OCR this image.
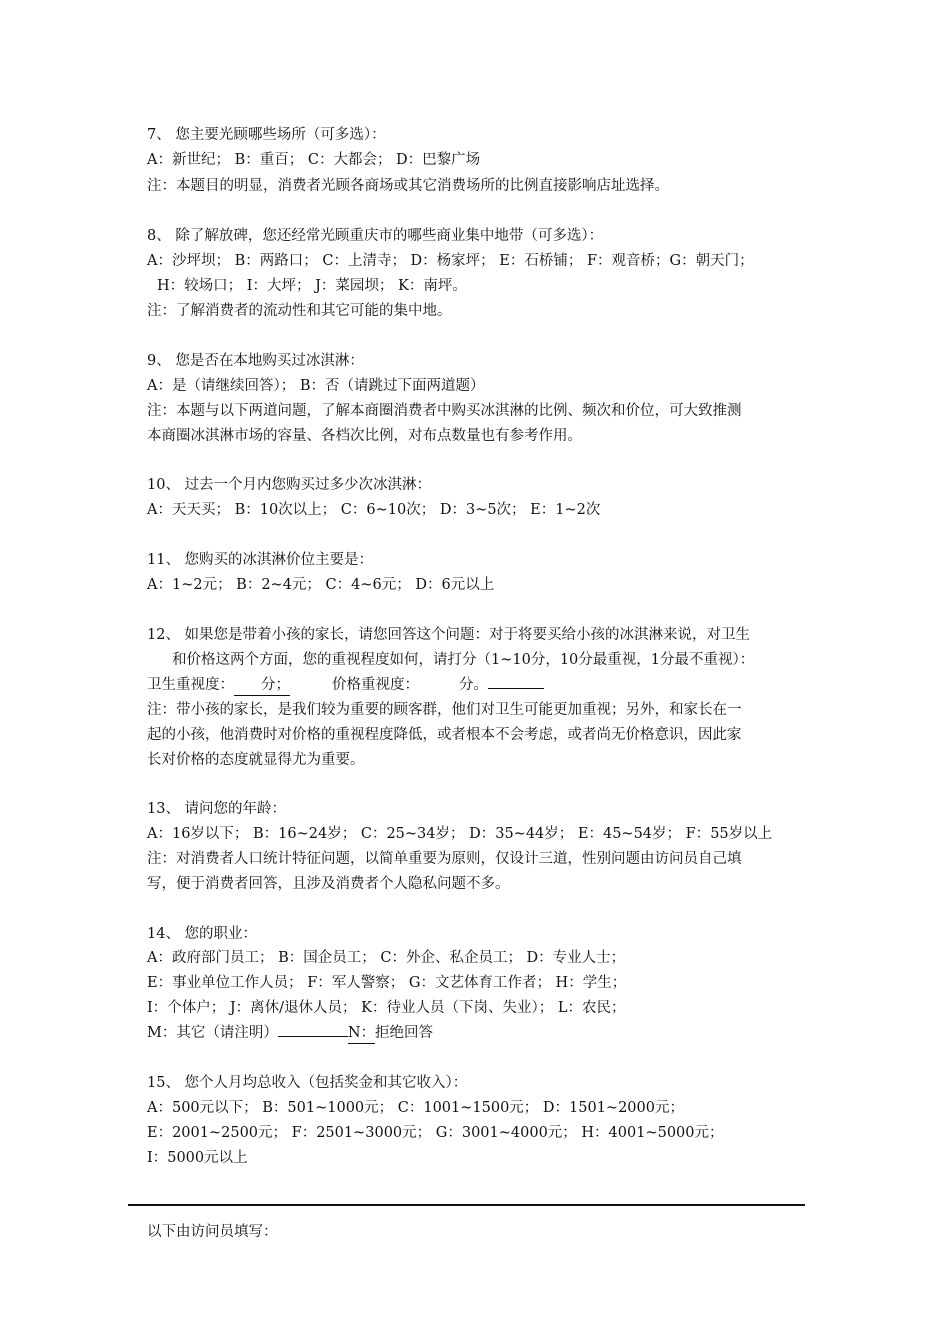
7、 您主要光顾哪些场所（可多选）：
A：新世纪； B：重百； C：大都会； D：巴黎广场
注：本题目的明显，消费者光顾各商场或其它消费场所的比例直接影响店址选择。
8、 除了解放碑，您还经常光顾重庆市的哪些商业集中地带（可多选）：
A：沙坪坝； B：两路口； C：上清寺； D：杨家坪； E：石桥铺； F：观音桥；G：朝天门；
H：较场口； I：大坪； J：菜园坝； K：南坪。
注：了解消费者的流动性和其它可能的集中地。
9、 您是否在本地购买过冰淇淋：
A：是（请继续回答）； B：否（请跳过下面两道题）
注：本题与以下两道问题，了解本商圈消费者中购买冰淇淋的比例、频次和价位，可大致推测
本商圈冰淇淋市场的容量、各档次比例，对布点数量也有参考作用。
10、 过去一个月内您购买过多少次冰淇淋：
A：天天买； B：10次以上； C：6~10次； D：3~5次； E：1~2次
11、 您购买的冰淇淋价位主要是：
A：1~2元； B：2~4元； C：4~6元； D：6元以上
12、 如果您是带着小孩的家长，请您回答这个问题：对于将要买给小孩的冰淇淋来说，对卫生
和价格这两个方面，您的重视程度如何，请打分（1~10分，10分最重视，1分最不重视）：
卫生重视度： 分；	价格重视度：	分。
注：带小孩的家长，是我们较为重要的顾客群，他们对卫生可能更加重视；另外，和家长在一
起的小孩，他消费时对价格的重视程度降低，或者根本不会考虑，或者尚无价格意识，因此家
长对价格的态度就显得尤为重要。
13、 请问您的年龄：
A：16岁以下； B：16~24岁； C：25~34岁； D：35~44岁； E：45~54岁； F：55岁以上
注：对消费者人口统计特征问题，以简单重要为原则，仅设计三道，性别问题由访问员自己填
写，便于消费者回答，且涉及消费者个人隐私问题不多。
14、 您的职业：
A：政府部门员工； B：国企员工； C：外企、私企员工； D：专业人士；
E：事业单位工作人员； F：军人警察； G：文艺体育工作者； H：学生；
I：个体户； J：离休/退休人员； K：待业人员（下岗、失业）； L：农民；
M：其它（请注明）	N：拒绝回答
15、 您个人月均总收入（包括奖金和其它收入）：
A：500元以下； B：501~1000元； C：1001~1500元； D：1501~2000元；
E：2001~2500元； F：2501~3000元； G：3001~4000元； H：4001~5000元；
I：5000元以上
以下由访问员填写：
